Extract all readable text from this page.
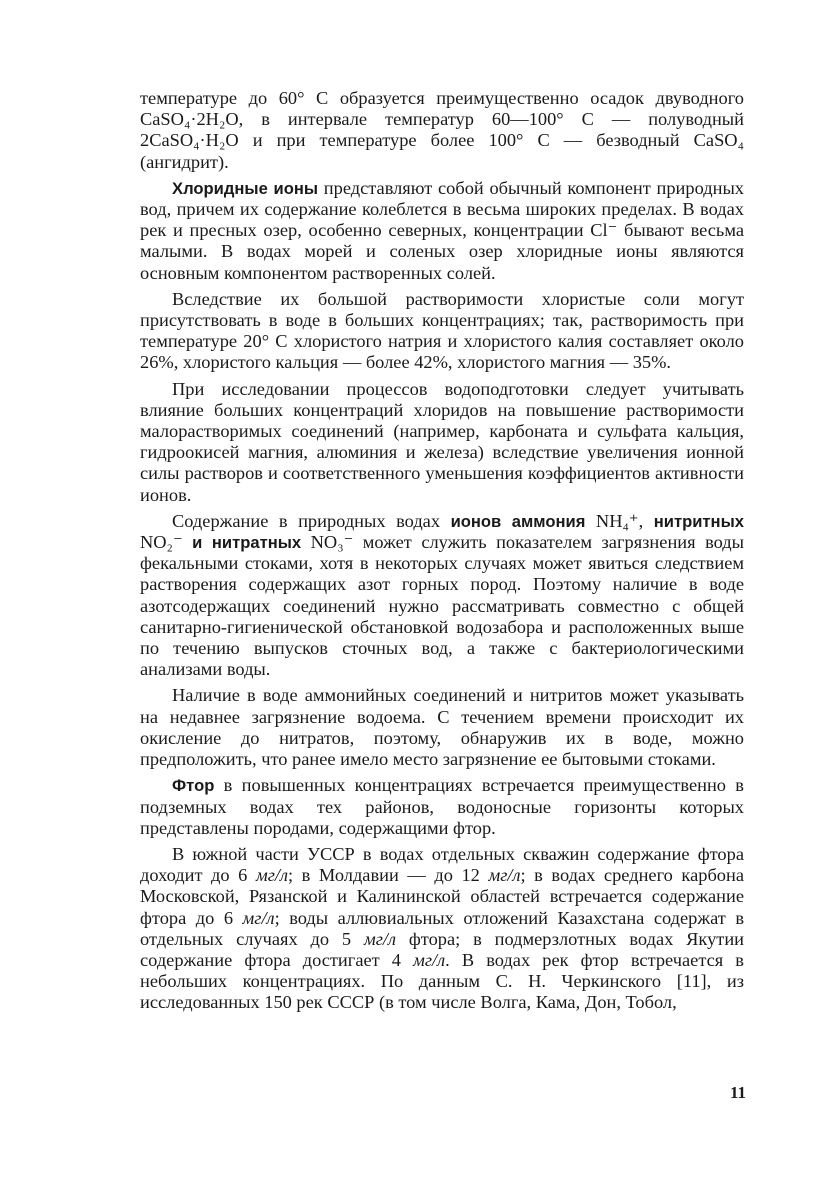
температуре до 60° С образуется преимущественно осадок двуводного CaSO₄·2H₂O, в интервале температур 60—100° С — полуводный 2CaSO₄·H₂O и при температуре более 100° С — безводный CaSO₄ (ангидрит).

Хлоридные ионы представляют собой обычный компонент природных вод, причем их содержание колеблется в весьма широких пределах. В водах рек и пресных озер, особенно северных, концентрации Cl⁻ бывают весьма малыми. В водах морей и соленых озер хлоридные ионы являются основным компонентом растворенных солей.

Вследствие их большой растворимости хлористые соли могут присутствовать в воде в больших концентрациях; так, растворимость при температуре 20° С хлористого натрия и хлористого калия составляет около 26%, хлористого кальция — более 42%, хлористого магния — 35%.

При исследовании процессов водоподготовки следует учитывать влияние больших концентраций хлоридов на повышение растворимости малорастворимых соединений (например, карбоната и сульфата кальция, гидроокисей магния, алюминия и железа) вследствие увеличения ионной силы растворов и соответственного уменьшения коэффициентов активности ионов.

Содержание в природных водах ионов аммония NH₄⁺, нитритных NO₂⁻ и нитратных NO₃⁻ может служить показателем загрязнения воды фекальными стоками, хотя в некоторых случаях может явиться следствием растворения содержащих азот горных пород. Поэтому наличие в воде азотсодержащих соединений нужно рассматривать совместно с общей санитарно-гигиенической обстановкой водозабора и расположенных выше по течению выпусков сточных вод, а также с бактериологическими анализами воды.

Наличие в воде аммонийных соединений и нитритов может указывать на недавнее загрязнение водоема. С течением времени происходит их окисление до нитратов, поэтому, обнаружив их в воде, можно предположить, что ранее имело место загрязнение ее бытовыми стоками.

Фтор в повышенных концентрациях встречается преимущественно в подземных водах тех районов, водоносные горизонты которых представлены породами, содержащими фтор.

В южной части УССР в водах отдельных скважин содержание фтора доходит до 6 мг/л; в Молдавии — до 12 мг/л; в водах среднего карбона Московской, Рязанской и Калининской областей встречается содержание фтора до 6 мг/л; воды аллювиальных отложений Казахстана содержат в отдельных случаях до 5 мг/л фтора; в подмерзлотных водах Якутии содержание фтора достигает 4 мг/л. В водах рек фтор встречается в небольших концентрациях. По данным С. Н. Черкинского [11], из исследованных 150 рек СССР (в том числе Волга, Кама, Дон, Тобол,

11
